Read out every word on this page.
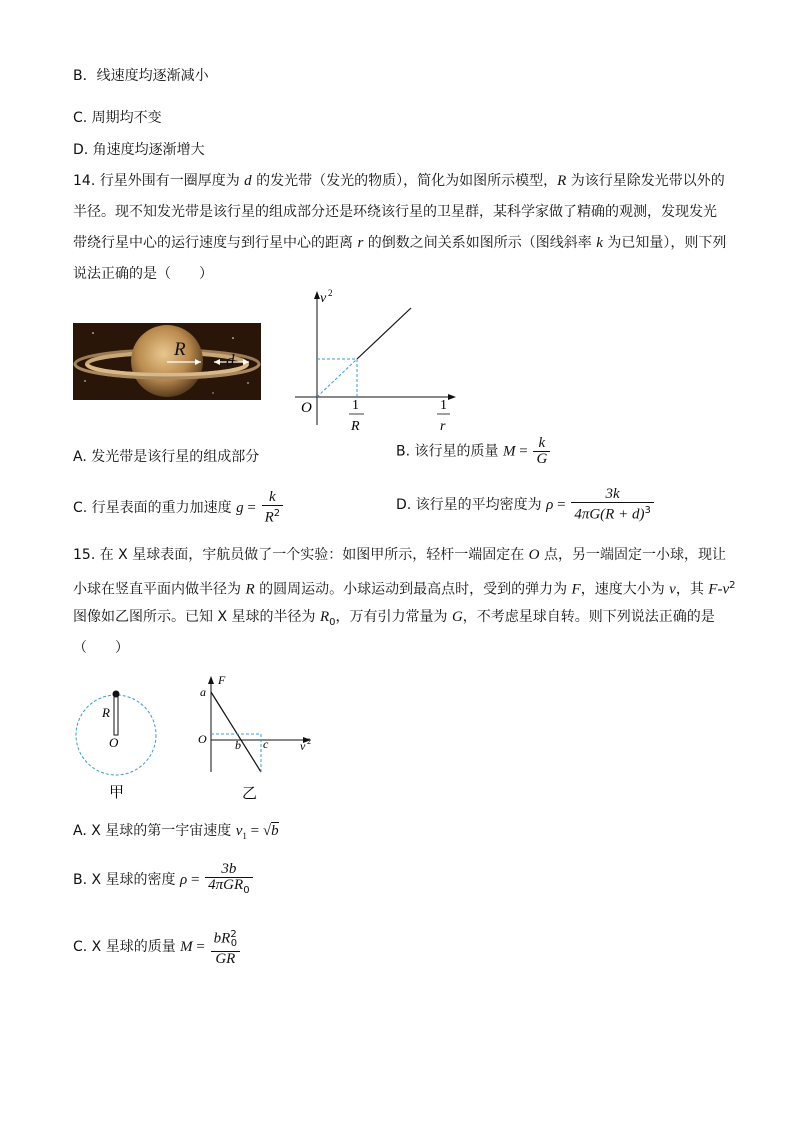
B．线速度均逐渐减小
C. 周期均不变
D. 角速度均逐渐增大
14. 行星外围有一圈厚度为 d 的发光带（发光的物质），简化为如图所示模型，R 为该行星除发光带以外的
半径。现不知发光带是该行星的组成部分还是环绕该行星的卫星群，某科学家做了精确的观测，发现发光
带绕行星中心的运行速度与到行星中心的距离 r 的倒数之间关系如图所示（图线斜率 k 为已知量），则下列
说法正确的是（　　）
R
d
v 2
O	1
R
1
r
A. 发光带是该行星的组成部分	B. 该行星的质量 $M = \frac{k}{G}$
C. 行星表面的重力加速度 $g = \frac{k}{R^2}$	D. 该行星的平均密度为 $\rho = \frac{3k}{4\pi G(R + d)^3}$
15. 在 X 星球表面，宇航员做了一个实验：如图甲所示，轻杆一端固定在 O 点，另一端固定一小球，现让
小球在竖直平面内做半径为 R 的圆周运动。小球运动到最高点时，受到的弹力为 F，速度大小为 v，其 $F-v^2$
图像如乙图所示。已知 X 星球的半径为 $R_0$，万有引力常量为 G，不考虑星球自转。则下列说法正确的是
（　　）
R
O
甲
F
a
O b c	v 2
乙
A. X 星球的第一宇宙速度 $v_1 = √b$
B. X 星球的密度 $\rho = \frac{3b}{4\pi GR_0}$
C. X 星球的质量 $M = \frac{bR^2_0}{GR}$
